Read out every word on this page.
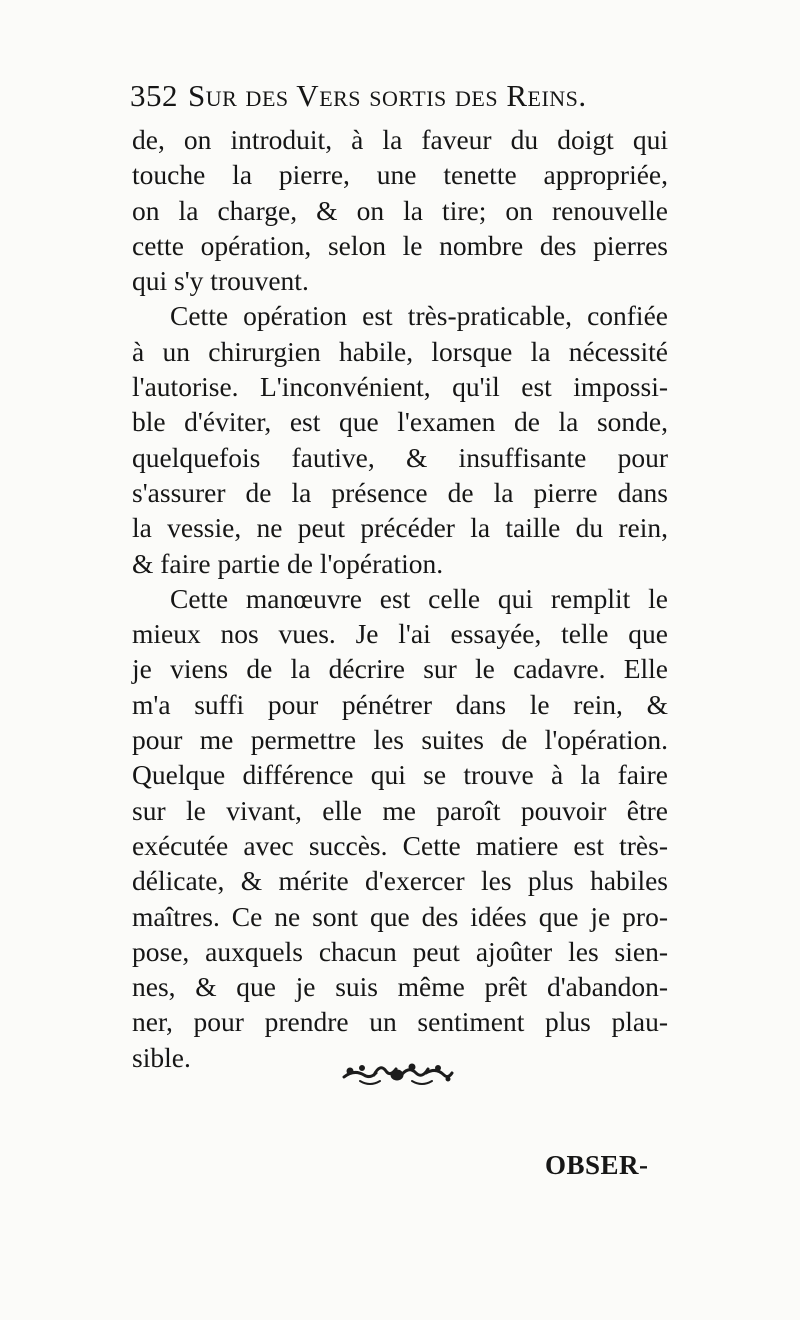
352 Sur des Vers sortis des Reins.
de, on introduit, à la faveur du doigt qui
touche la pierre, une tenette appropriée,
on la charge, & on la tire; on renouvelle
cette opération, selon le nombre des pierres
qui s'y trouvent.
Cette opération est très-praticable, confiée
à un chirurgien habile, lorsque la nécessité
l'autorise. L'inconvénient, qu'il est impossi-
ble d'éviter, est que l'examen de la sonde,
quelquefois fautive, & insuffisante pour
s'assurer de la présence de la pierre dans
la vessie, ne peut précéder la taille du rein,
& faire partie de l'opération.
Cette manœuvre est celle qui remplit le
mieux nos vues. Je l'ai essayée, telle que
je viens de la décrire sur le cadavre. Elle
m'a suffi pour pénétrer dans le rein, &
pour me permettre les suites de l'opération.
Quelque différence qui se trouve à la faire
sur le vivant, elle me paroît pouvoir être
exécutée avec succès. Cette matiere est très-
délicate, & mérite d'exercer les plus habiles
maîtres. Ce ne sont que des idées que je pro-
pose, auxquels chacun peut ajoûter les sien-
nes, & que je suis même prêt d'abandon-
ner, pour prendre un sentiment plus plau-
sible.
OBSER-
